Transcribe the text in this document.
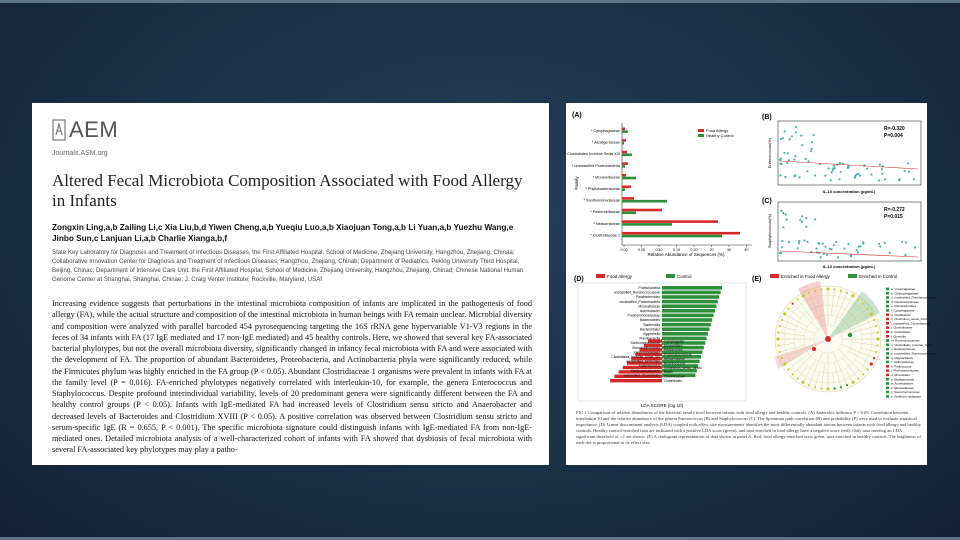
AEM
Journals.ASM.org
Altered Fecal Microbiota Composition Associated with Food Allergy in Infants
Zongxin Ling,a,b Zailing Li,c Xia Liu,b,d Yiwen Cheng,a,b Yueqiu Luo,a,b Xiaojuan Tong,a,b Li Yuan,a,b Yuezhu Wang,e Jinbo Sun,c Lanjuan Li,a,b Charlie Xianga,b,f
State Key Laboratory for Diagnosis and Treatment of Infectious Diseases, the First Affiliated Hospital, School of Medicine, Zhejiang University, Hangzhou, Zhejiang, Chinaa; Collaborative Innovation Center for Diagnosis and Treatment of Infectious Diseases, Hangzhou, Zhejiang, Chinab; Department of Pediatrics, Peking University Third Hospital, Beijing, Chinac; Department of Intensive Care Unit, the First Affiliated Hospital, School of Medicine, Zhejiang University, Hangzhou, Zhejiang, Chinad; Chinese National Human Genome Center at Shanghai, Shanghai, Chinae; J. Craig Venter Institute, Rockville, Maryland, USAf
Increasing evidence suggests that perturbations in the intestinal microbiota composition of infants are implicated in the pathogenesis of food allergy (FA), while the actual structure and composition of the intestinal microbiota in human beings with FA remain unclear. Microbial diversity and composition were analyzed with parallel barcoded 454 pyrosequencing targeting the 16S rRNA gene hypervariable V1-V3 regions in the feces of 34 infants with FA (17 IgE mediated and 17 non-IgE mediated) and 45 healthy controls. Here, we showed that several key FA-associated bacterial phylotypes, but not the overall microbiota diversity, significantly changed in infancy fecal microbiota with FA and were associated with the development of FA. The proportion of abundant Bacteroidetes, Proteobacteria, and Actinobacteria phyla were significantly reduced, while the Firmicutes phylum was highly enriched in the FA group (P < 0.05). Abundant Clostridiaceae 1 organisms were prevalent in infants with FA at the family level (P = 0.016). FA-enriched phylotypes negatively correlated with interleukin-10, for example, the genera Enterococcus and Staphylococcus. Despite profound interindividual variability, levels of 20 predominant genera were significantly different between the FA and healthy control groups (P < 0.05). Infants with IgE-mediated FA had increased levels of Clostridium sensu stricto and Anaerobacter and decreased levels of Bacteroides and Clostridium XVIII (P < 0.05). A positive correlation was observed between Clostridium sensu stricto and serum-specific IgE (R = 0.655, P < 0.001). The specific microbiota signature could distinguish infants with IgE-mediated FA from non-IgE-mediated ones. Detailed microbiota analysis of a well-characterized cohort of infants with FA showed that dysbiosis of fecal microbiota with several FA-associated key phylotypes may play a patho-
(A)
Family
* Cytophagaceae
* Alcaligenaceae
* Clostridiales Incertae Sedis XIII
* unclassified Proteobacteria
* Moraxellaceae
* Phyllobacteriaceae
* Xanthomonadaceae
* Pasteurellaceae
* Neisseriaceae
* Clostridiaceae 1
0.00	0.05	0.10	0.15	0.20	20	30	40
Food Allergy
Healthy Control
Relative Abundance of Sequences (%)
(B)
Enterococcus(%)
R=-0.320
P=0.004
IL-10 concentration (pg/mL)
(C)
Staphylococcus(%)
R=-0.272
P=0.015
IL-10 concentration (pg/mL)
(D)	Food Allergy	Control
Proteobacteria
unclassified_Ruminococcaceae
Parabacteroides
unclassified_Proteobacteria
Moraxellaceae
Acinetobacter
Porphyromonadaceae
Bacteroidetes
Bacteroidia
Bacteroidales
Eggerthella
Flavobacteriia
Xanthomonadaceae
Stenotrophomonas
Xanthomonadales
Clostridiales_Incertae_Sedis_XIII
unclassified_Firmicutes
Anaerotruncus
Xanthomonadaceae
unclassified_Clostridiales
Cytophagales
Moraxellales
Pediococcus
Phyllobacteriaceae
Neisseriaceae
Butyricicoccus
Clostridium_sensu_stricto
Bacilli
Clostridiaceae
Clostridiales
LDA SCORE (log 10)
(E)	Enriched in Food Allergy	Enriched in Control
a: Cytophagaceae
b: Chitinophagaceae
c: unclassified_Flavobacteriaceae
d: Flavobacteriaceae
e: Flavobacteriales
f: Cytophagaceae
g: Oscillibacter
h: Clostridium_sensu_stricto
i: unclassified_Clostridiaceae
j: Clostridiaceae
k: Clostridiales
l: Clostridia
m: Ruminococcaceae
n: Clostridiales_Incertae_Sedis
o: Eubacteriaceae
p: unclassified_Ruminococcaceae
q: Megasphaera
r: Veillonellaceae
s: Pediococcus
t: Phyllobacteriaceae
u: Rhizobiales
v: Alcaligenaceae
w: Acinetobacter
x: Moraxellaceae
y: Stenotrophomonas
z: Xanthomonadaceae
FIG 1 Comparison of relative abundances of the bacterial family level between infants with food allergy and healthy controls. (A) Anaerobic indicator P < 0.05. Correlation between interleukin 10 and the relative abundance of the genera Enterococcus (B) and Staphylococcus (C). The Spearman rank correlation (R) and probability (P) were used to evaluate statistical importance. (D) Linear discriminant analysis (LDA) coupled with effect size measurements identifies the most differentially abundant taxons between infants with food allergy and healthy controls. Healthy control-enriched taxa are indicated with a positive LDA score (green), and taxa enriched in food allergy have a negative score (red). Only taxa meeting an LDA significant threshold of >2 are shown. (E) A cladogram representation of data shown in panel A. Red, food allergy-enriched taxa; green, taxa enriched in healthy controls. The brightness of each dot is proportional to its effect size.
